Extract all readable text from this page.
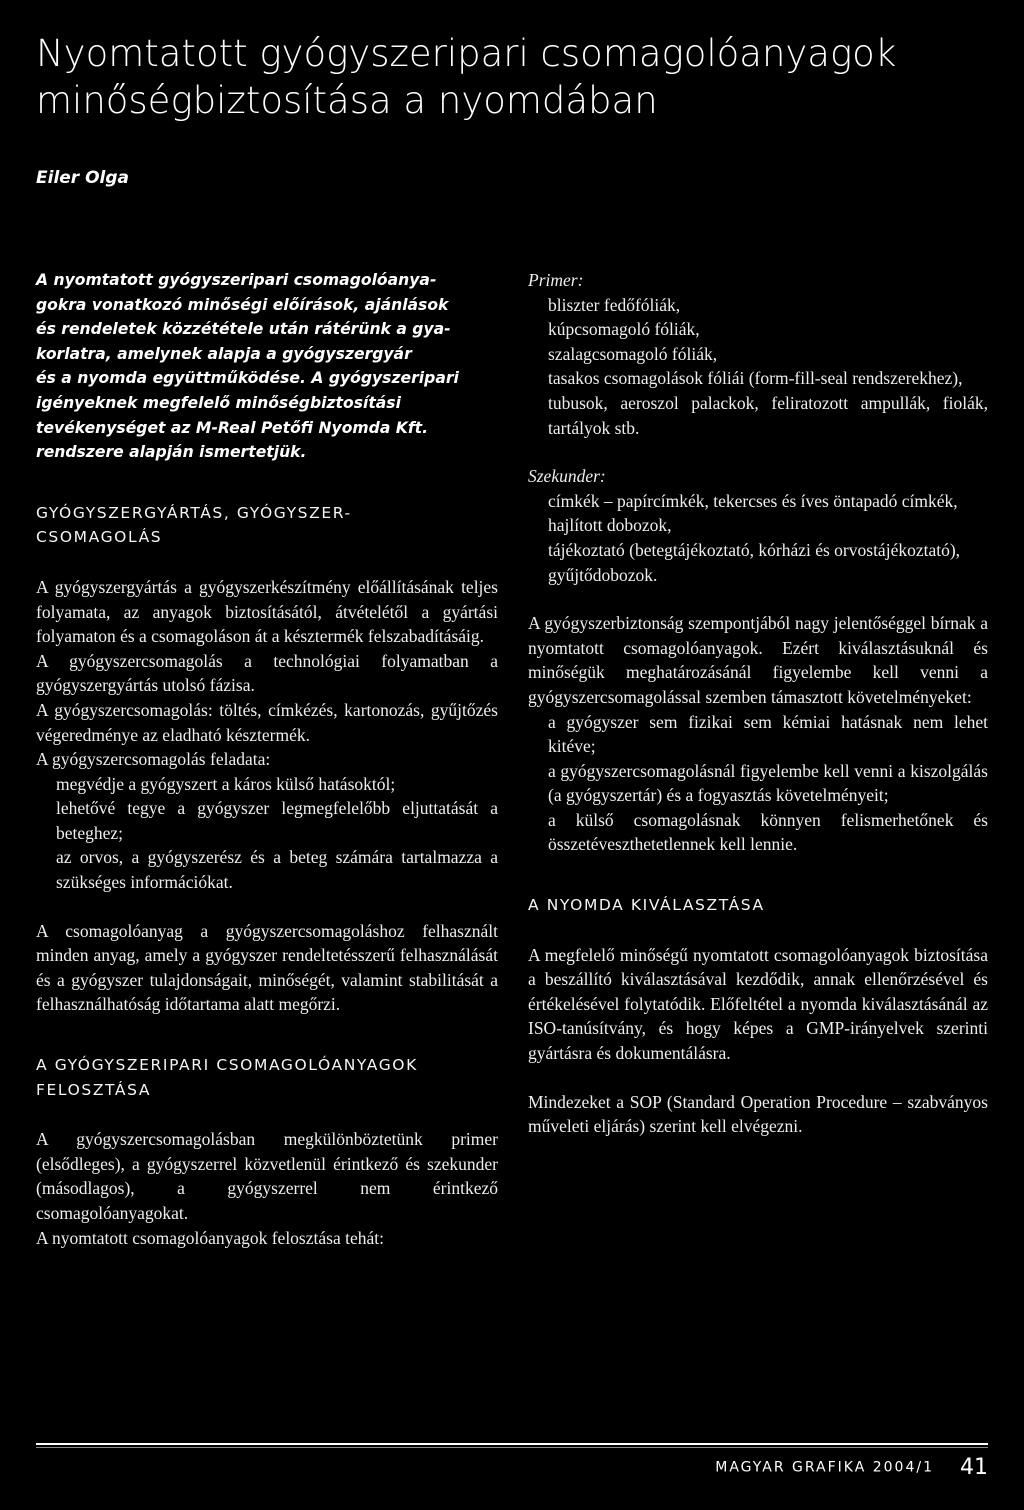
Nyomtatott gyógyszeripari csomagolóanyagok
minőségbiztosítása a nyomdában
Eiler Olga
A nyomtatott gyógyszeripari csomagolóanya-
gokra vonatkozó minőségi előírások, ajánlások
és rendeletek közzététele után rátérünk a gya-
korlatra, amelynek alapja a gyógyszergyár
és a nyomda együttműködése. A gyógyszeripari
igényeknek megfelelő minőségbiztosítási
tevékenységet az M-Real Petőfi Nyomda Kft.
rendszere alapján ismertetjük.
GYÓGYSZERGYÁRTÁS, GYÓGYSZER-
CSOMAGOLÁS

A gyógyszergyártás a gyógyszerkészítmény előállításának teljes folyamata, az anyagok biztosításától, átvételétől a gyártási folyamaton és a csomagoláson át a késztermék felszabadításáig.

A gyógyszercsomagolás a technológiai folyamatban a gyógyszergyártás utolsó fázisa.

A gyógyszercsomagolás: töltés, címkézés, kartonozás, gyűjtőzés végeredménye az eladható késztermék.

A gyógyszercsomagolás feladata:

megvédje a gyógyszert a káros külső hatásoktól;

lehetővé tegye a gyógyszer legmegfelelőbb eljuttatását a beteghez;

az orvos, a gyógyszerész és a beteg számára tartalmazza a szükséges információkat.

A csomagolóanyag a gyógyszercsomagoláshoz felhasznált minden anyag, amely a gyógyszer rendeltetésszerű felhasználását és a gyógyszer tulajdonságait, minőségét, valamint stabilitását a felhasználhatóság időtartama alatt megőrzi.

A GYÓGYSZERIPARI CSOMAGOLÓANYAGOK
FELOSZTÁSA

A gyógyszercsomagolásban megkülönböztetünk primer (elsődleges), a gyógyszerrel közvetlenül érintkező és szekunder (másodlagos), a gyógyszerrel nem érintkező csomagolóanyagokat.

A nyomtatott csomagolóanyagok felosztása tehát:

Primer:

bliszter fedőfóliák,

kúpcsomagoló fóliák,

szalagcsomagoló fóliák,

tasakos csomagolások fóliái (form-fill-seal rendszerekhez),

tubusok, aeroszol palackok, feliratozott ampullák, fiolák, tartályok stb.

Szekunder:

címkék – papírcímkék, tekercses és íves öntapadó címkék,

hajlított dobozok,

tájékoztató (betegtájékoztató, kórházi és orvostájékoztató),

gyűjtődobozok.

A gyógyszerbiztonság szempontjából nagy jelentőséggel bírnak a nyomtatott csomagolóanyagok. Ezért kiválasztásuknál és minőségük meghatározásánál figyelembe kell venni a gyógyszercsomagolással szemben támasztott követelményeket:

a gyógyszer sem fizikai sem kémiai hatásnak nem lehet kitéve;

a gyógyszercsomagolásnál figyelembe kell venni a kiszolgálás (a gyógyszertár) és a fogyasztás követelményeit;

a külső csomagolásnak könnyen felismerhetőnek és összetéveszthetetlennek kell lennie.

A NYOMDA KIVÁLASZTÁSA

A megfelelő minőségű nyomtatott csomagolóanyagok biztosítása a beszállító kiválasztásával kezdődik, annak ellenőrzésével és értékelésével folytatódik. Előfeltétel a nyomda kiválasztásánál az ISO-tanúsítvány, és hogy képes a GMP-irányelvek szerinti gyártásra és dokumentálásra.

Mindezeket a SOP (Standard Operation Procedure – szabványos műveleti eljárás) szerint kell elvégezni.

MAGYAR GRAFIKA 2004/1 41
